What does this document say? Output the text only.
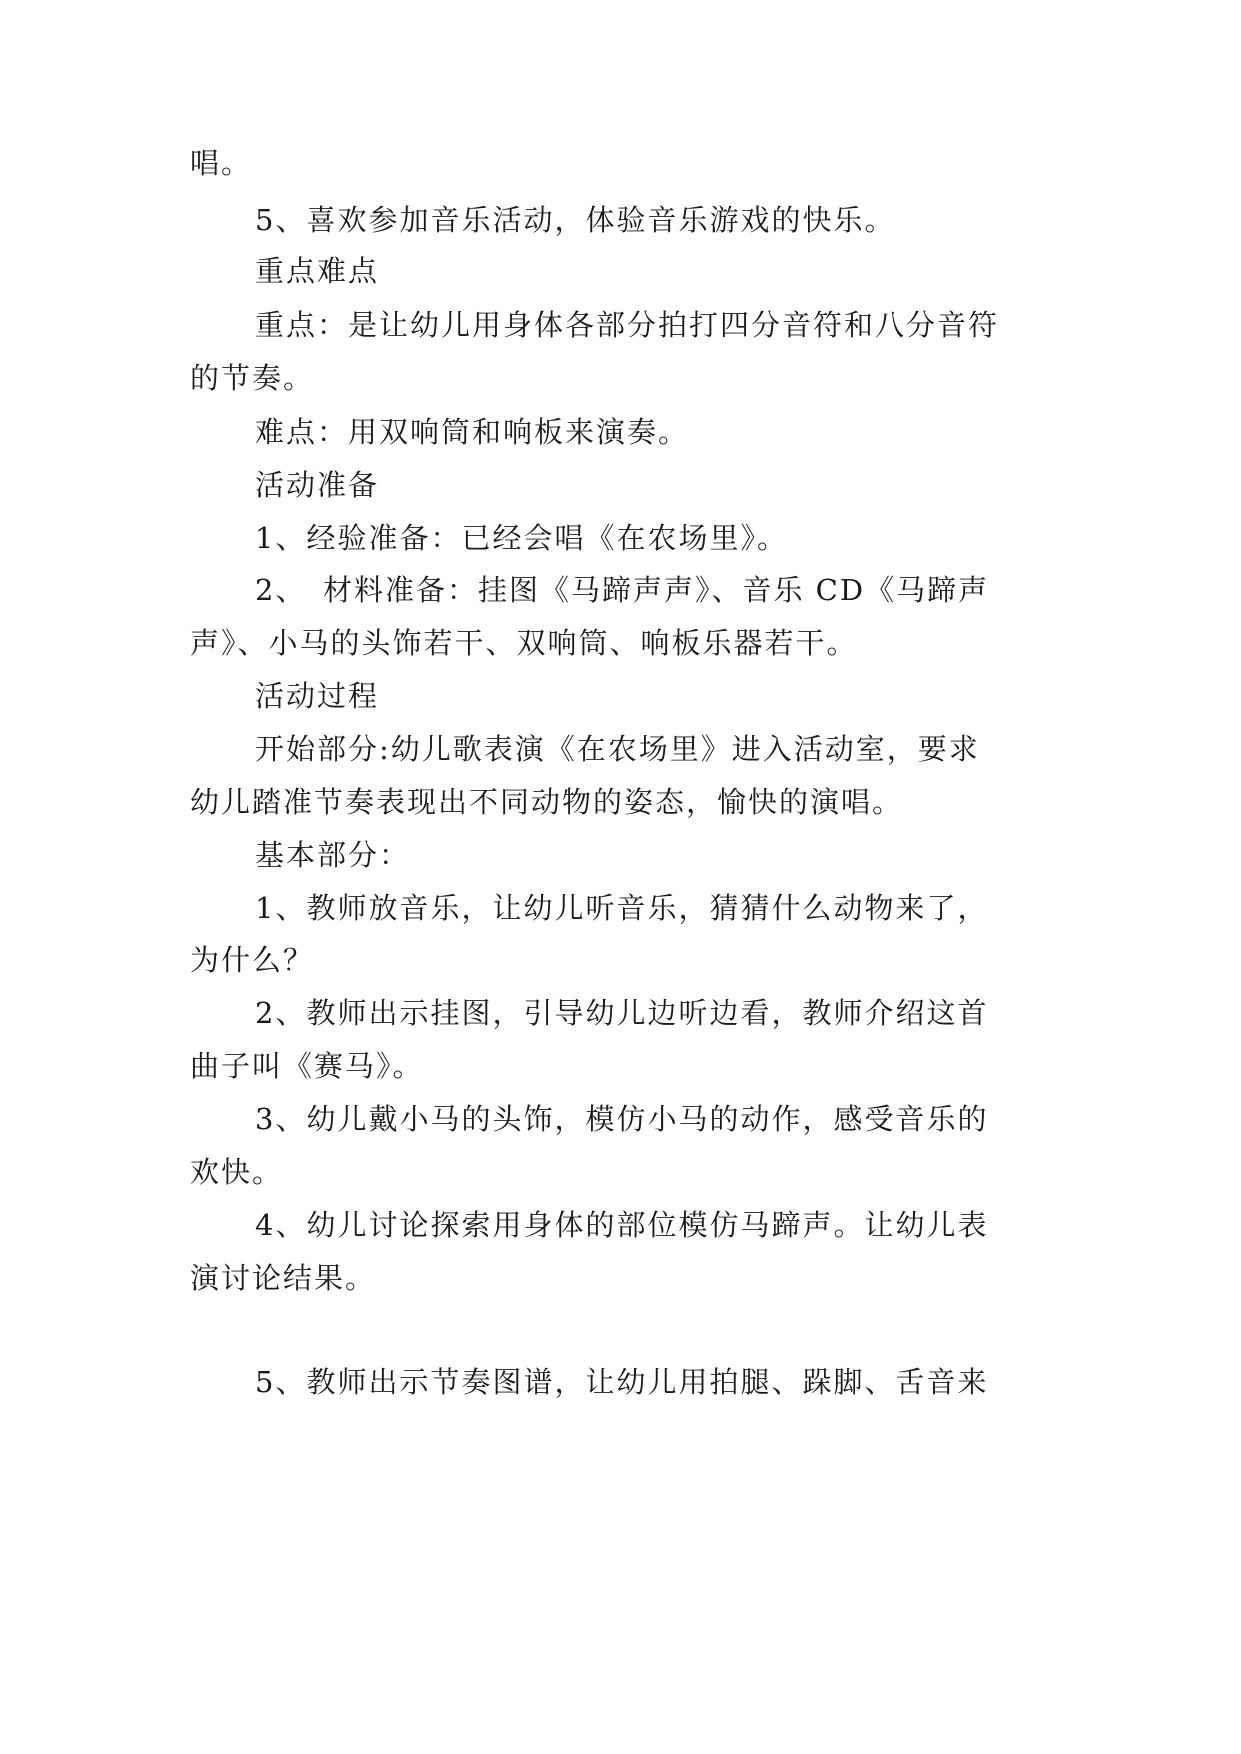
唱。

5、喜欢参加音乐活动，体验音乐游戏的快乐。

重点难点

重点：是让幼儿用身体各部分拍打四分音符和八分音符

的节奏。

难点：用双响筒和响板来演奏。

活动准备

1、经验准备：已经会唱《在农场里》。

2、　材料准备：挂图《马蹄声声》、音乐 CD《马蹄声

声》、小马的头饰若干、双响筒、响板乐器若干。

活动过程

开始部分:幼儿歌表演《在农场里》进入活动室，要求

幼儿踏准节奏表现出不同动物的姿态，愉快的演唱。

基本部分：

1、教师放音乐，让幼儿听音乐，猜猜什么动物来了，

为什么？

2、教师出示挂图，引导幼儿边听边看，教师介绍这首

曲子叫《赛马》。

3、幼儿戴小马的头饰，模仿小马的动作，感受音乐的

欢快。

4、幼儿讨论探索用身体的部位模仿马蹄声。让幼儿表

演讨论结果。

5、教师出示节奏图谱，让幼儿用拍腿、跺脚、舌音来
